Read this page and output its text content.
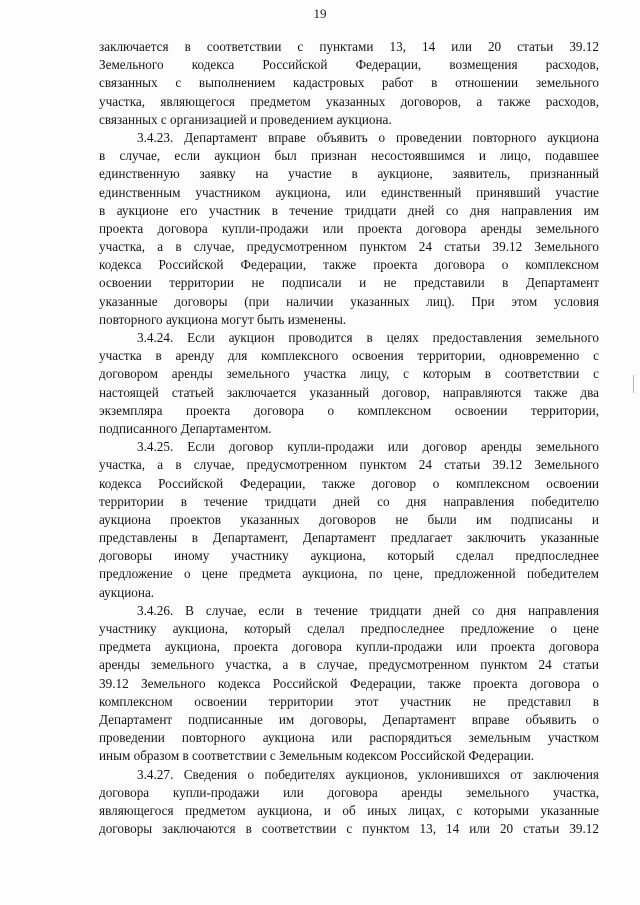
19
заключается в соответствии с пунктами 13, 14 или 20 статьи 39.12
Земельного кодекса Российской Федерации, возмещения расходов,
связанных с выполнением кадастровых работ в отношении земельного
участка, являющегося предметом указанных договоров, а также расходов,
связанных с организацией и проведением аукциона.
3.4.23. Департамент вправе объявить о проведении повторного аукциона
в случае, если аукцион был признан несостоявшимся и лицо, подавшее
единственную заявку на участие в аукционе, заявитель, признанный
единственным участником аукциона, или единственный принявший участие
в аукционе его участник в течение тридцати дней со дня направления им
проекта договора купли-продажи или проекта договора аренды земельного
участка, а в случае, предусмотренном пунктом 24 статьи 39.12 Земельного
кодекса Российской Федерации, также проекта договора о комплексном
освоении территории не подписали и не представили в Департамент
указанные договоры (при наличии указанных лиц). При этом условия
повторного аукциона могут быть изменены.
3.4.24. Если аукцион проводится в целях предоставления земельного
участка в аренду для комплексного освоения территории, одновременно с
договором аренды земельного участка лицу, с которым в соответствии с
настоящей статьей заключается указанный договор, направляются также два
экземпляра проекта договора о комплексном освоении территории,
подписанного Департаментом.
3.4.25. Если договор купли-продажи или договор аренды земельного
участка, а в случае, предусмотренном пунктом 24 статьи 39.12 Земельного
кодекса Российской Федерации, также договор о комплексном освоении
территории в течение тридцати дней со дня направления победителю
аукциона проектов указанных договоров не были им подписаны и
представлены в Департамент, Департамент предлагает заключить указанные
договоры иному участнику аукциона, который сделал предпоследнее
предложение о цене предмета аукциона, по цене, предложенной победителем
аукциона.
3.4.26. В случае, если в течение тридцати дней со дня направления
участнику аукциона, который сделал предпоследнее предложение о цене
предмета аукциона, проекта договора купли-продажи или проекта договора
аренды земельного участка, а в случае, предусмотренном пунктом 24 статьи
39.12 Земельного кодекса Российской Федерации, также проекта договора о
комплексном освоении территории этот участник не представил в
Департамент подписанные им договоры, Департамент вправе объявить о
проведении повторного аукциона или распорядиться земельным участком
иным образом в соответствии с Земельным кодексом Российской Федерации.
3.4.27. Сведения о победителях аукционов, уклонившихся от заключения
договора купли-продажи или договора аренды земельного участка,
являющегося предметом аукциона, и об иных лицах, с которыми указанные
договоры заключаются в соответствии с пунктом 13, 14 или 20 статьи 39.12
